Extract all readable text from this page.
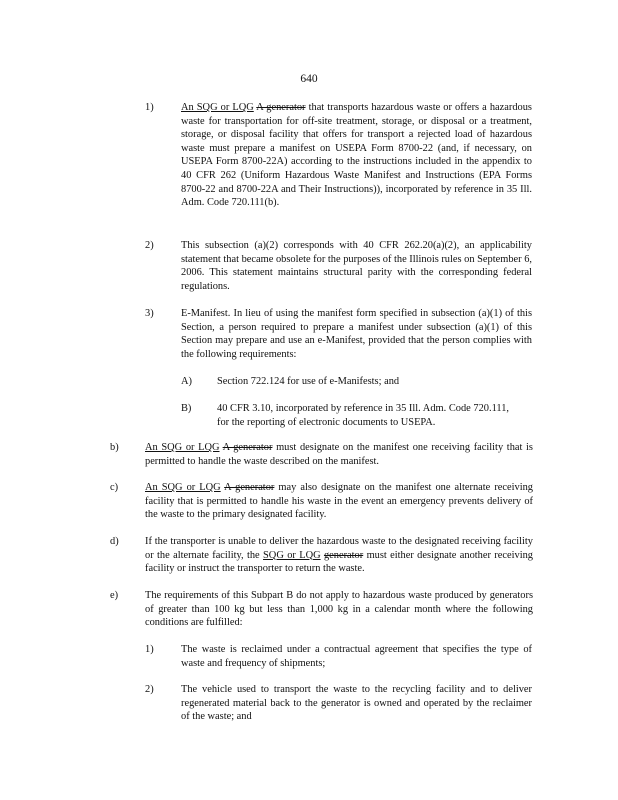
640
1)	An SQG or LQG A generator that transports hazardous waste or offers a hazardous waste for transportation for off-site treatment, storage, or disposal or a treatment, storage, or disposal facility that offers for transport a rejected load of hazardous waste must prepare a manifest on USEPA Form 8700-22 (and, if necessary, on USEPA Form 8700-22A) according to the instructions included in the appendix to 40 CFR 262 (Uniform Hazardous Waste Manifest and Instructions (EPA Forms 8700-22 and 8700-22A and Their Instructions)), incorporated by reference in 35 Ill. Adm. Code 720.111(b).
2)	This subsection (a)(2) corresponds with 40 CFR 262.20(a)(2), an applicability statement that became obsolete for the purposes of the Illinois rules on September 6, 2006. This statement maintains structural parity with the corresponding federal regulations.
3)	E-Manifest. In lieu of using the manifest form specified in subsection (a)(1) of this Section, a person required to prepare a manifest under subsection (a)(1) of this Section may prepare and use an e-Manifest, provided that the person complies with the following requirements:
A) Section 722.124 for use of e-Manifests; and
B) 40 CFR 3.10, incorporated by reference in 35 Ill. Adm. Code 720.111, for the reporting of electronic documents to USEPA.
b)	An SQG or LQG A generator must designate on the manifest one receiving facility that is permitted to handle the waste described on the manifest.
c)	An SQG or LQG A generator may also designate on the manifest one alternate receiving facility that is permitted to handle his waste in the event an emergency prevents delivery of the waste to the primary designated facility.
d)	If the transporter is unable to deliver the hazardous waste to the designated receiving facility or the alternate facility, the SQG or LQG generator must either designate another receiving facility or instruct the transporter to return the waste.
e)	The requirements of this Subpart B do not apply to hazardous waste produced by generators of greater than 100 kg but less than 1,000 kg in a calendar month where the following conditions are fulfilled:
1)	The waste is reclaimed under a contractual agreement that specifies the type of waste and frequency of shipments;
2)	The vehicle used to transport the waste to the recycling facility and to deliver regenerated material back to the generator is owned and operated by the reclaimer of the waste; and
